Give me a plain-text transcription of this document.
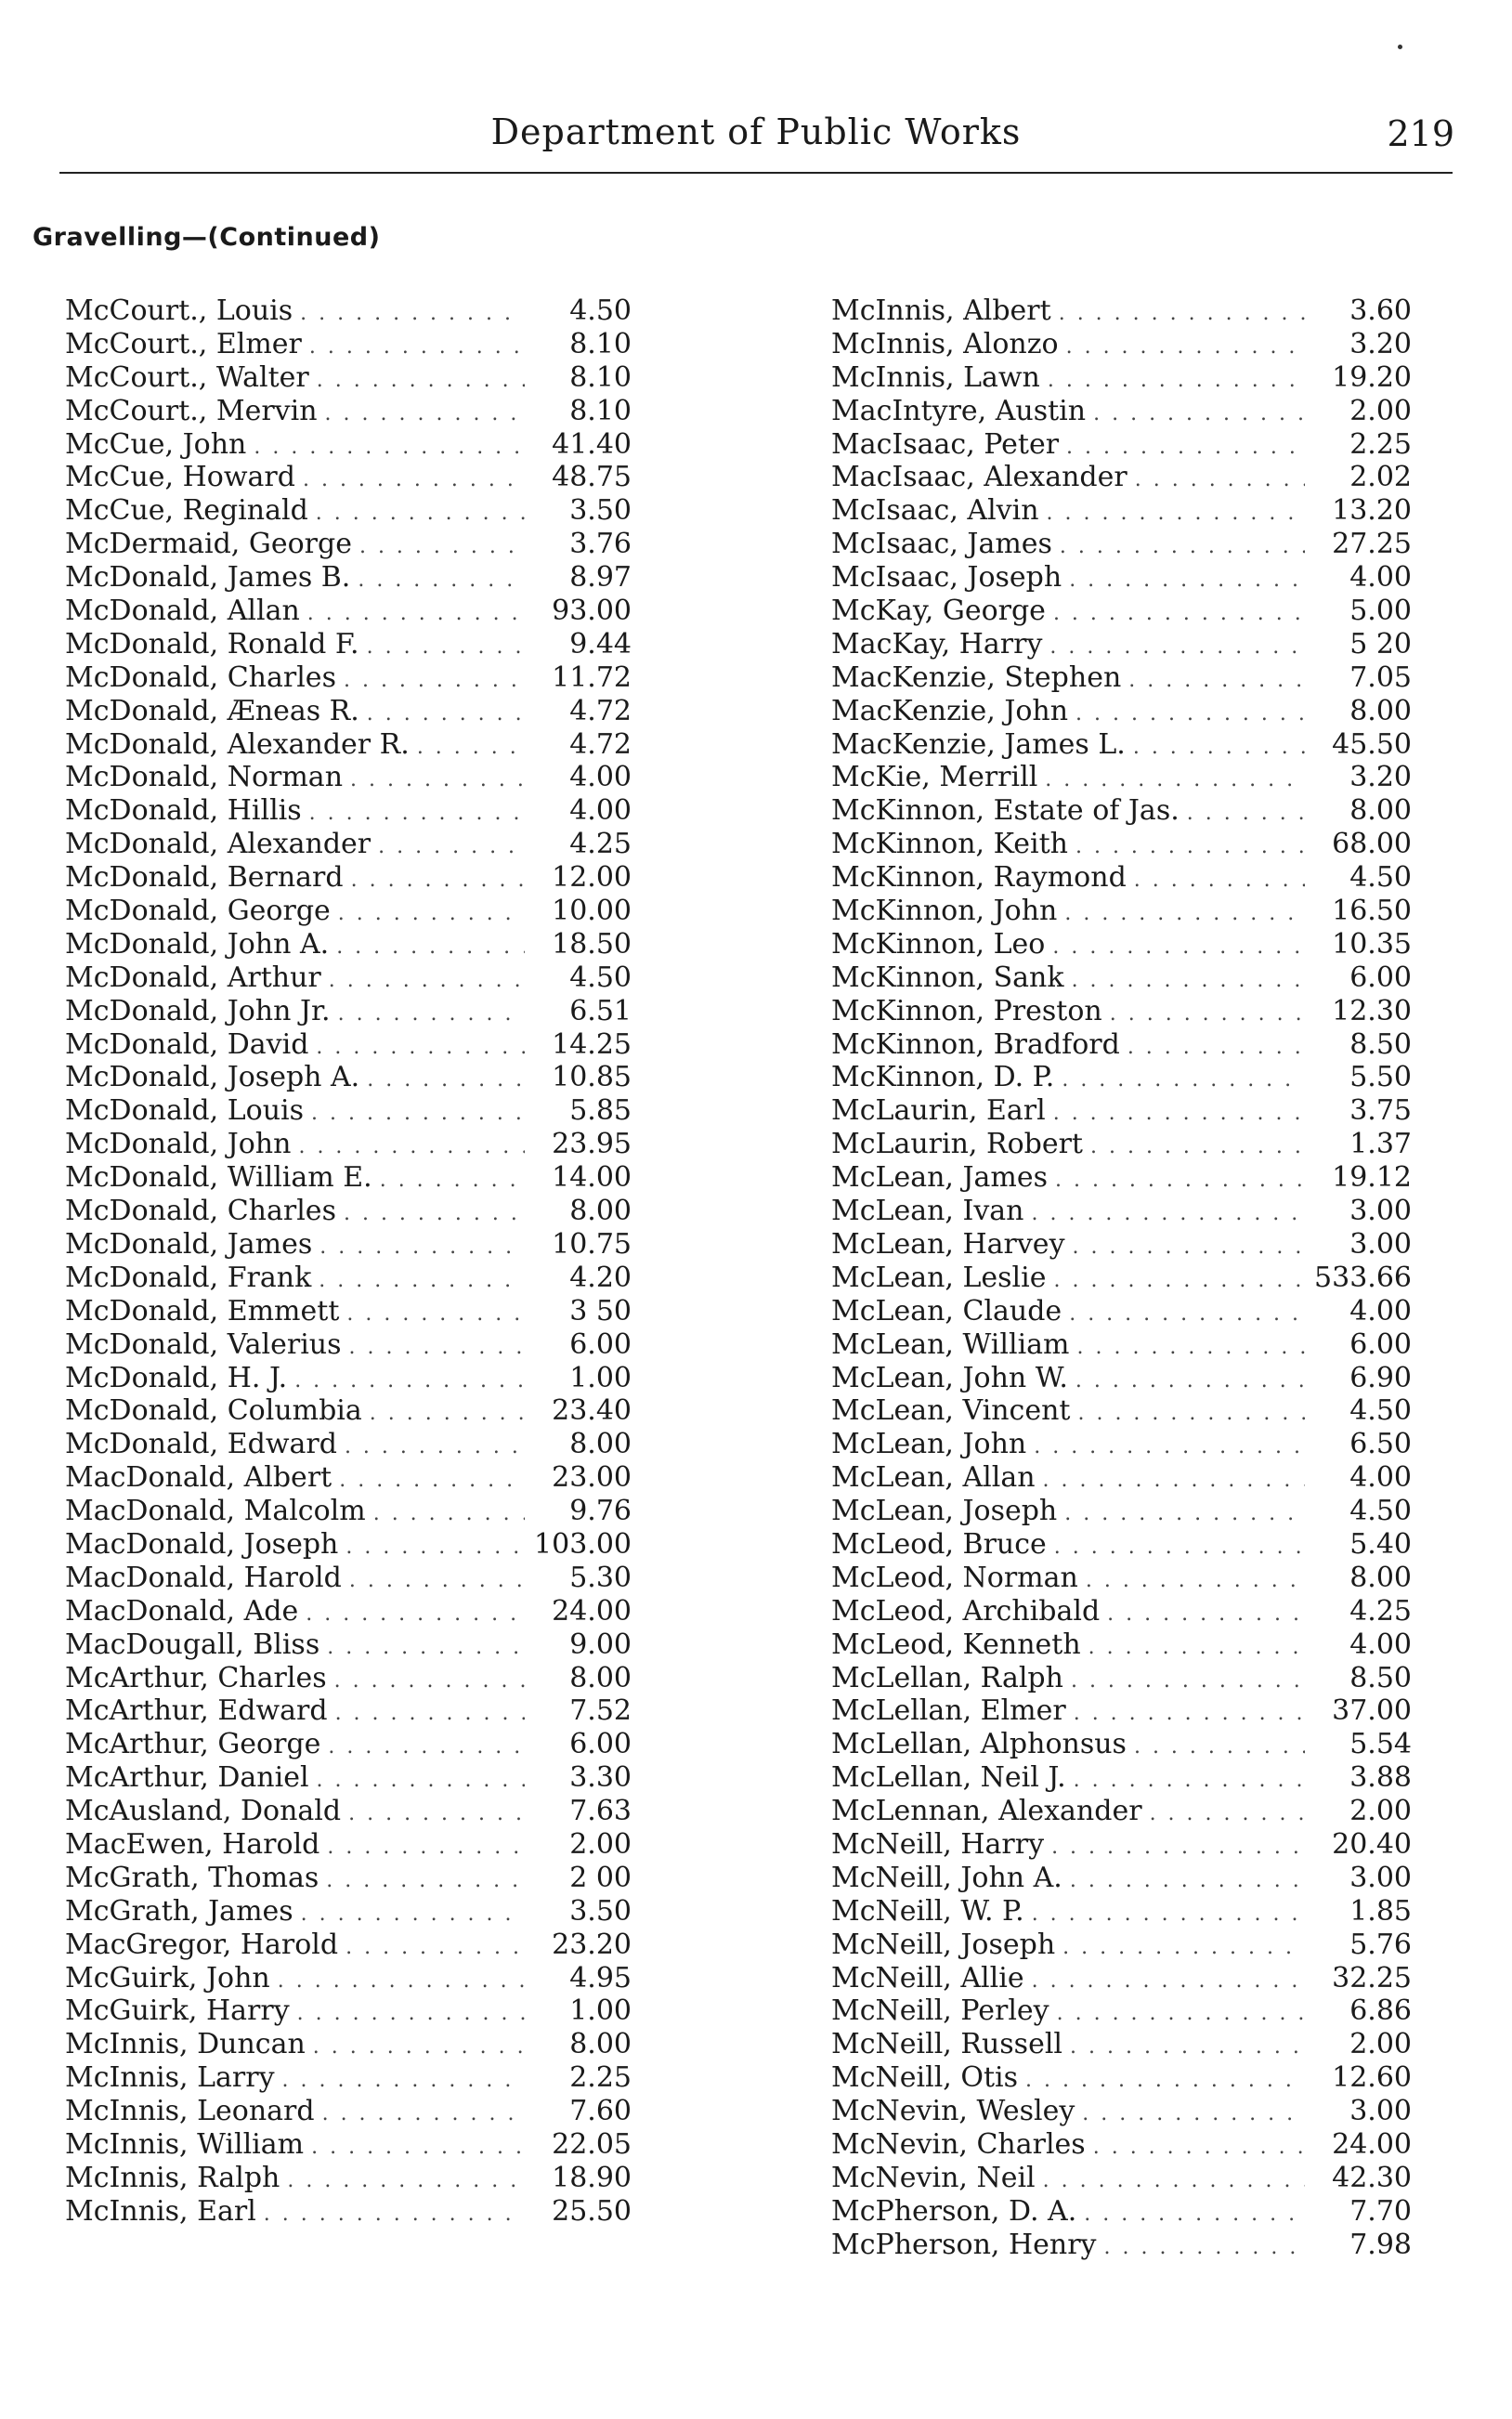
Department of Public Works	219
Gravelling—(Continued)
McCourt., Louis . . .	4.50
McCourt., Elmer . . .	8.10
McCourt., Walter . . .	8.10
McCourt., Mervin . . .	8.10
McCue, John . . .	41.40
McCue, Howard . . .	48.75
McCue, Reginald . . .	3.50
McDermaid, George . . .	3.76
McDonald, James B. . . .	8.97
McDonald, Allan . . .	93.00
McDonald, Ronald F. . . .	9.44
McDonald, Charles . . .	11.72
McDonald, Æneas R. . . .	4.72
McDonald, Alexander R. . . .	4.72
McDonald, Norman . . .	4.00
McDonald, Hillis . . .	4.00
McDonald, Alexander . . .	4.25
McDonald, Bernard . . .	12.00
McDonald, George . . .	10.00
McDonald, John A. . . .	18.50
McDonald, Arthur . . .	4.50
McDonald, John Jr. . . .	6.51
McDonald, David . . .	14.25
McDonald, Joseph A. . . .	10.85
McDonald, Louis . . .	5.85
McDonald, John . . .	23.95
McDonald, William E. . . .	14.00
McDonald, Charles . . .	8.00
McDonald, James . . .	10.75
McDonald, Frank . . .	4.20
McDonald, Emmett . . .	3 50
McDonald, Valerius . . .	6.00
McDonald, H. J. . . .	1.00
McDonald, Columbia . . .	23.40
McDonald, Edward . . .	8.00
MacDonald, Albert . . .	23.00
MacDonald, Malcolm . . .	9.76
MacDonald, Joseph . . .	103.00
MacDonald, Harold . . .	5.30
MacDonald, Ade . . .	24.00
MacDougall, Bliss . . .	9.00
McArthur, Charles . . .	8.00
McArthur, Edward . . .	7.52
McArthur, George . . .	6.00
McArthur, Daniel . . .	3.30
McAusland, Donald . . .	7.63
MacEwen, Harold . . .	2.00
McGrath, Thomas . . .	2 00
McGrath, James . . .	3.50
MacGregor, Harold . . .	23.20
McGuirk, John . . .	4.95
McGuirk, Harry . . .	1.00
McInnis, Duncan . . .	8.00
McInnis, Larry . . .	2.25
McInnis, Leonard . . .	7.60
McInnis, William . . .	22.05
McInnis, Ralph . . .	18.90
McInnis, Earl . . .	25.50
McInnis, Albert . . .	3.60
McInnis, Alonzo . . .	3.20
McInnis, Lawn . . .	19.20
MacIntyre, Austin . . .	2.00
MacIsaac, Peter . . .	2.25
MacIsaac, Alexander . . .	2.02
McIsaac, Alvin . . .	13.20
McIsaac, James . . .	27.25
McIsaac, Joseph . . .	4.00
McKay, George . . .	5.00
MacKay, Harry . . .	5 20
MacKenzie, Stephen . . .	7.05
MacKenzie, John . . .	8.00
MacKenzie, James L. . . .	45.50
McKie, Merrill . . .	3.20
McKinnon, Estate of Jas. . . .	8.00
McKinnon, Keith . . .	68.00
McKinnon, Raymond . . .	4.50
McKinnon, John . . .	16.50
McKinnon, Leo . . .	10.35
McKinnon, Sank . . .	6.00
McKinnon, Preston . . .	12.30
McKinnon, Bradford . . .	8.50
McKinnon, D. P. . . .	5.50
McLaurin, Earl . . .	3.75
McLaurin, Robert . . .	1.37
McLean, James . . .	19.12
McLean, Ivan . . .	3.00
McLean, Harvey . . .	3.00
McLean, Leslie . . .	533.66
McLean, Claude . . .	4.00
McLean, William . . .	6.00
McLean, John W. . . .	6.90
McLean, Vincent . . .	4.50
McLean, John . . .	6.50
McLean, Allan . . .	4.00
McLean, Joseph . . .	4.50
McLeod, Bruce . . .	5.40
McLeod, Norman . . .	8.00
McLeod, Archibald . . .	4.25
McLeod, Kenneth . . .	4.00
McLellan, Ralph . . .	8.50
McLellan, Elmer . . .	37.00
McLellan, Alphonsus . . .	5.54
McLellan, Neil J. . . .	3.88
McLennan, Alexander . . .	2.00
McNeill, Harry . . .	20.40
McNeill, John A. . . .	3.00
McNeill, W. P. . . .	1.85
McNeill, Joseph . . .	5.76
McNeill, Allie . . .	32.25
McNeill, Perley . . .	6.86
McNeill, Russell . . .	2.00
McNeill, Otis . . .	12.60
McNevin, Wesley . . .	3.00
McNevin, Charles . . .	24.00
McNevin, Neil . . .	42.30
McPherson, D. A. . . .	7.70
McPherson, Henry . . .	7.98
